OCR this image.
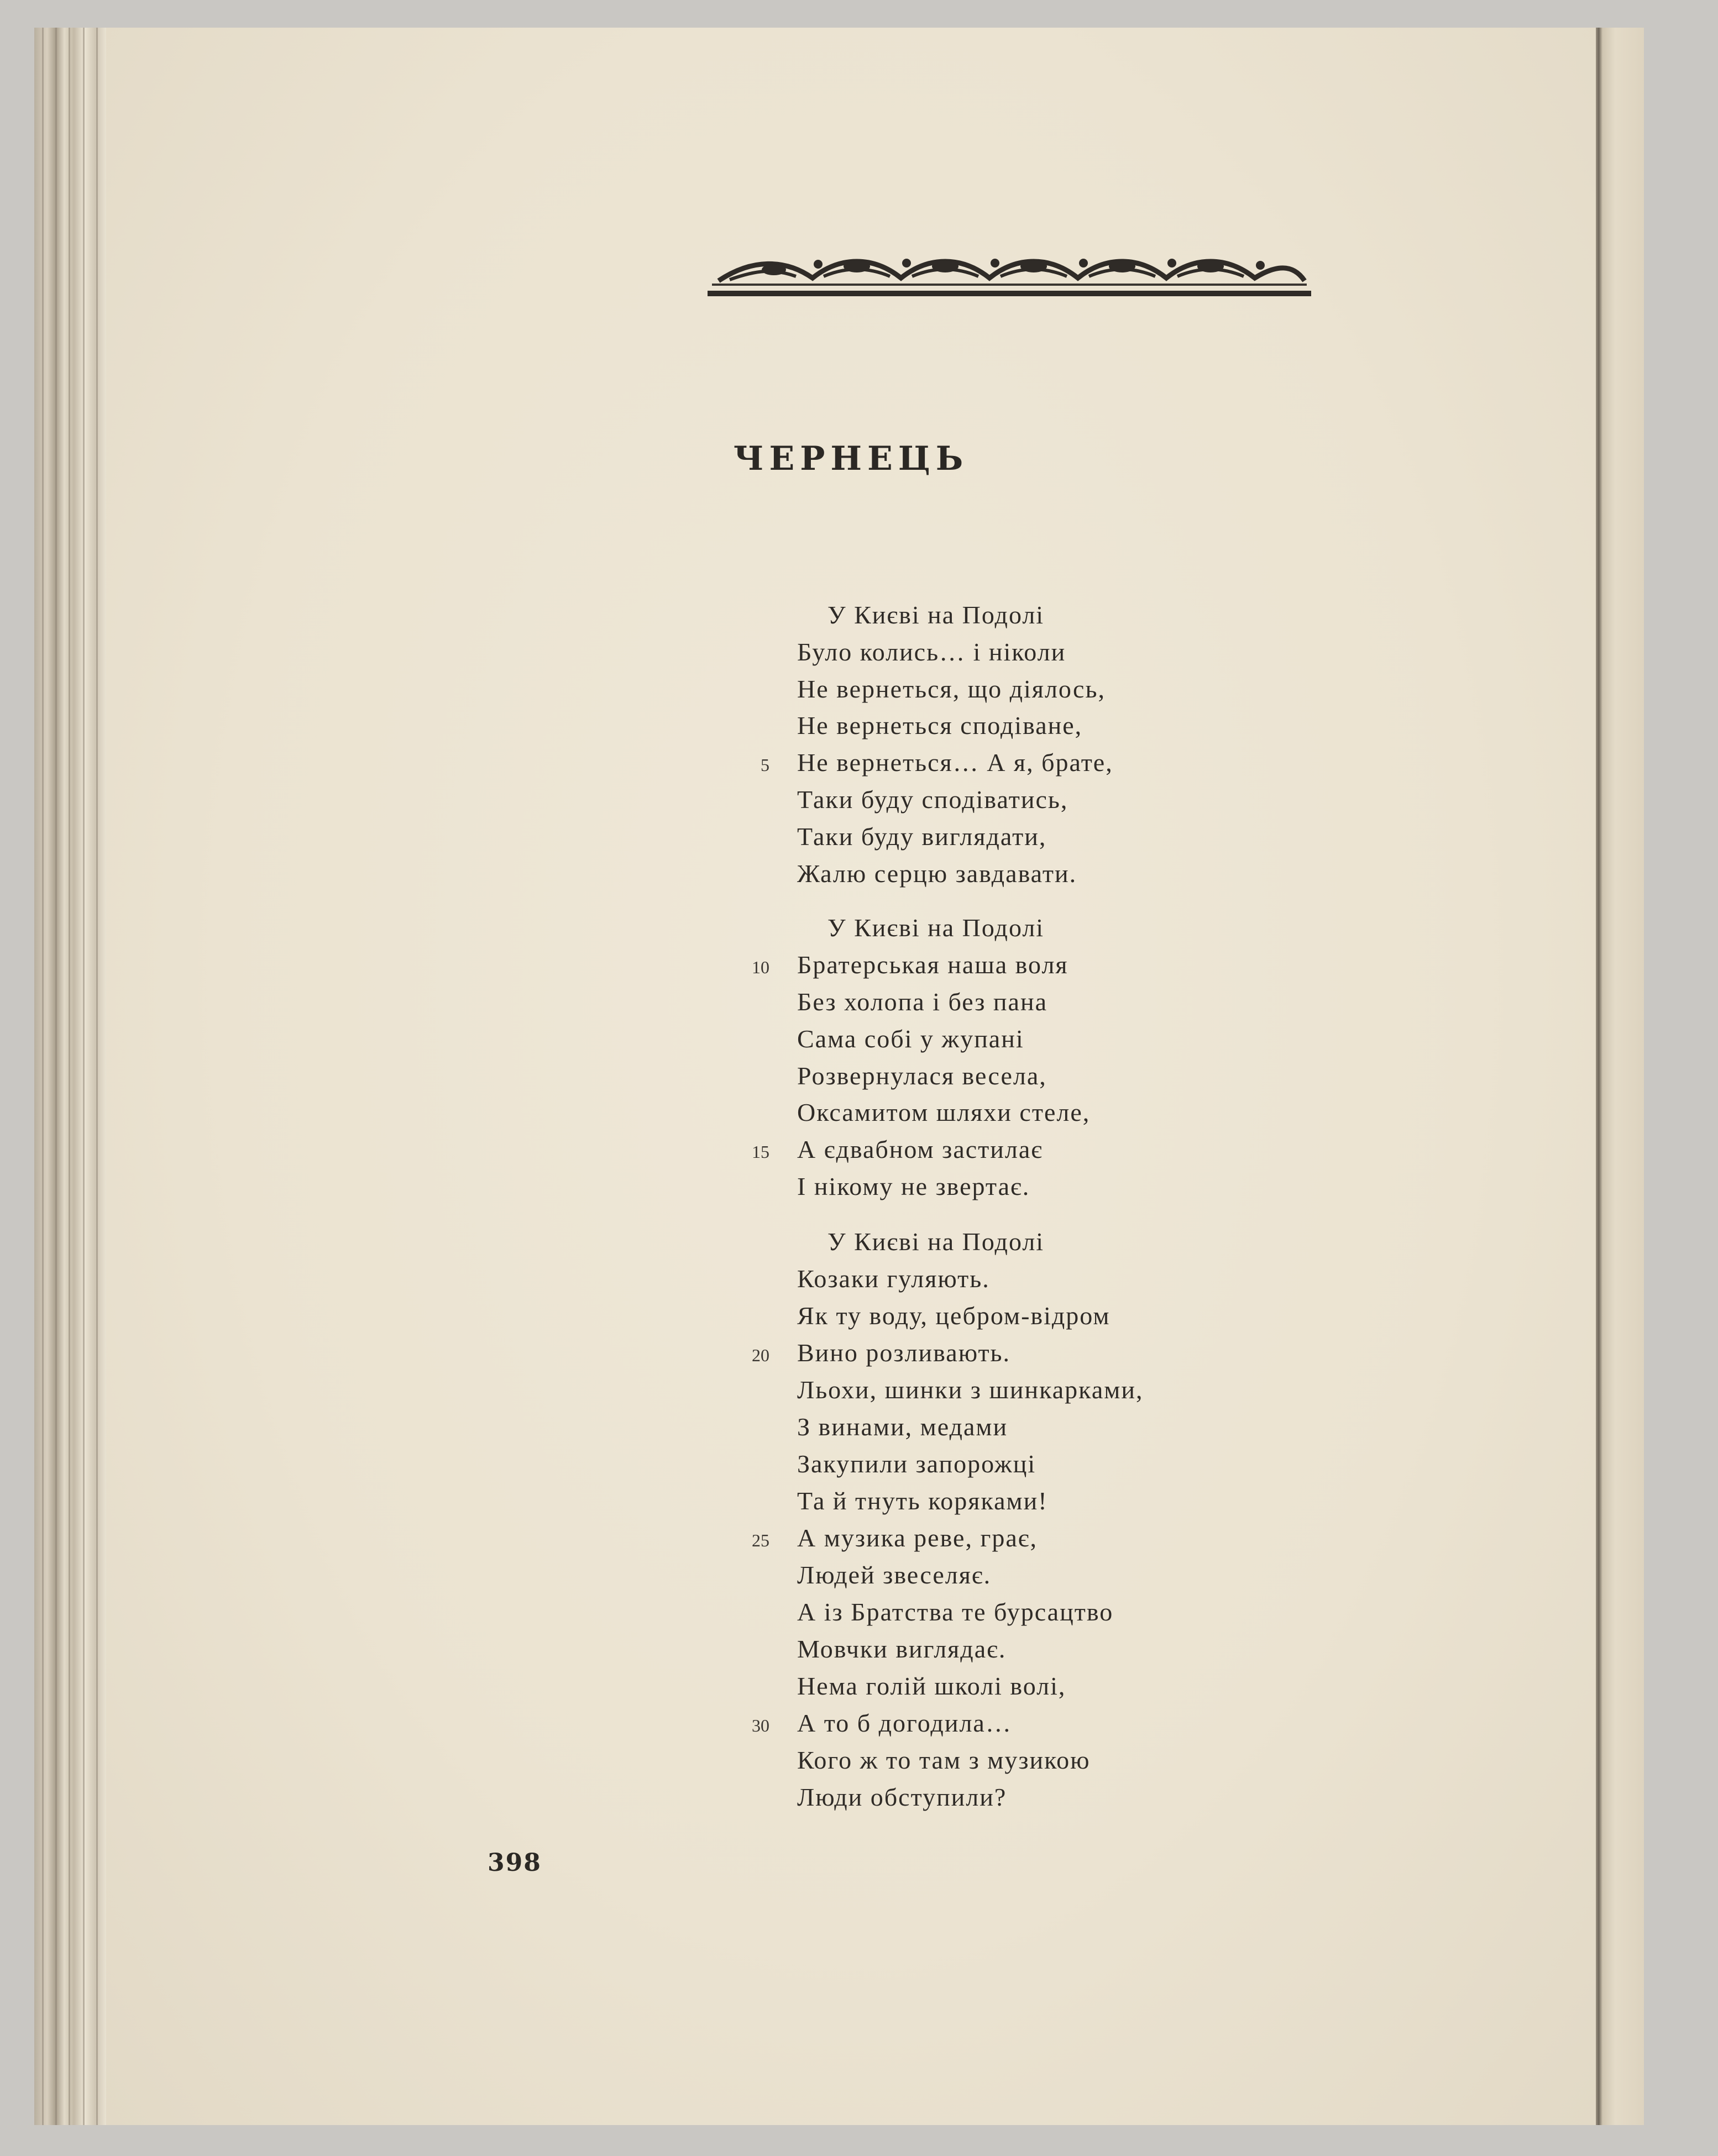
ЧЕРНЕЦЬ
У Києві на Подолі
Було колись… і ніколи
Не вернеться, що діялось,
Не вернеться сподіване,
5 Не вернеться… А я, брате,
Таки буду сподіватись,
Таки буду виглядати,
Жалю серцю завдавати.
У Києві на Подолі
10 Братерськая наша воля
Без холопа і без пана
Сама собі у жупані
Розвернулася весела,
Оксамитом шляхи стеле,
15 А єдвабном застилає
І нікому не звертає.
У Києві на Подолі
Козаки гуляють.
Як ту воду, цебром-відром
20 Вино розливають.
Льохи, шинки з шинкарками,
З винами, медами
Закупили запорожці
Та й тнуть коряками!
25 А музика реве, грає,
Людей звеселяє.
А із Братства те бурсацтво
Мовчки виглядає.
Нема голій школі волі,
30 А то б догодила…
Кого ж то там з музикою
Люди обступили?
398
